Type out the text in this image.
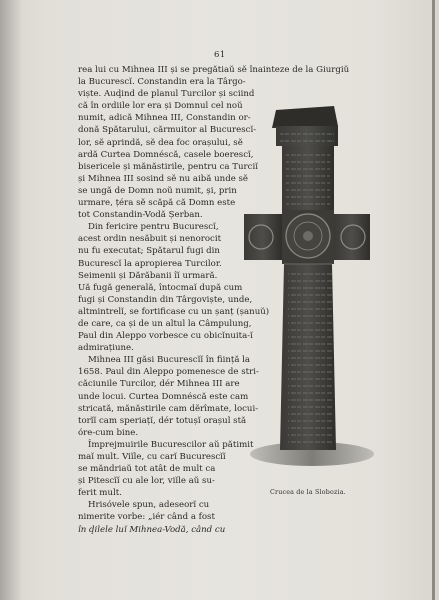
61
rea lui cu Mihnea III și se pregătiaŭ sĕ înainteze de la Giurgiŭ
la Bucurescĭ. Constandin era la Târgo-
viște. Auḑind de planul Turcilor și sciind
că în ordiile lor era și Domnul cel noŭ
numit, adică Mihnea III, Constandin or-
donă Spătarului, cărmuitor al Bucurescĭ-
lor, sĕ aprindă, sĕ dea foc orașului, sĕ
ardă Curtea Domnéscă, casele boerescĭ,
bisericele și mănăstirile, pentru ca Turciĭ
și Mihnea III sosind sĕ nu aibă unde sĕ
se ungă de Domn noŭ numit, și, prin
urmare, țéra sĕ scăpă că Domn este
tot Constandin-Vodă Șerban.
Din fericire pentru Bucurescĭ,
acest ordin nesăbuit și nenorocit
nu fu executat; Spătarul fugi din
Bucurescĭ la apropierea Turcilor.
Seimenii și Dărăbanii îĭ urmară.
Uă fugă generală, întocmaĭ după cum
fugi și Constandin din Târgoviște, unde,
altmintrelĭ, se fortificase cu un șanț (șanuŭ)
de care, ca și de un altul la Câmpulung,
Paul din Aleppo vorbesce cu obicĭnuita-ĭ
admirațiune.
Mihnea III găsi Bucurescĭĭ în ființă la
1658. Paul din Aleppo pomenesce de stri-
căciunile Turcilor, dér Mihnea III are
unde locui. Curtea Domnéscă este cam
stricată, mănăstirile cam dĕrîmate, locui-
torĭĭ cam speriațĭ, dér totușĭ orașul stă
óre-cum bine.
Împrejmuirile Bucurescilor aŭ pătimit
maĭ mult. Viĭle, cu carĭ Bucurescĭĭ
se măndriaŭ tot atât de mult ca
și Pitescĭĭ cu ale lor, viĭle aŭ su-
ferit mult.
Hrisóvele spun, adeseorĭ cu
nimerite vorbe: „iér când a fost
în ḑilele luĭ Mihnea-Vodă, când cu
Crucea de la Slobozia.
